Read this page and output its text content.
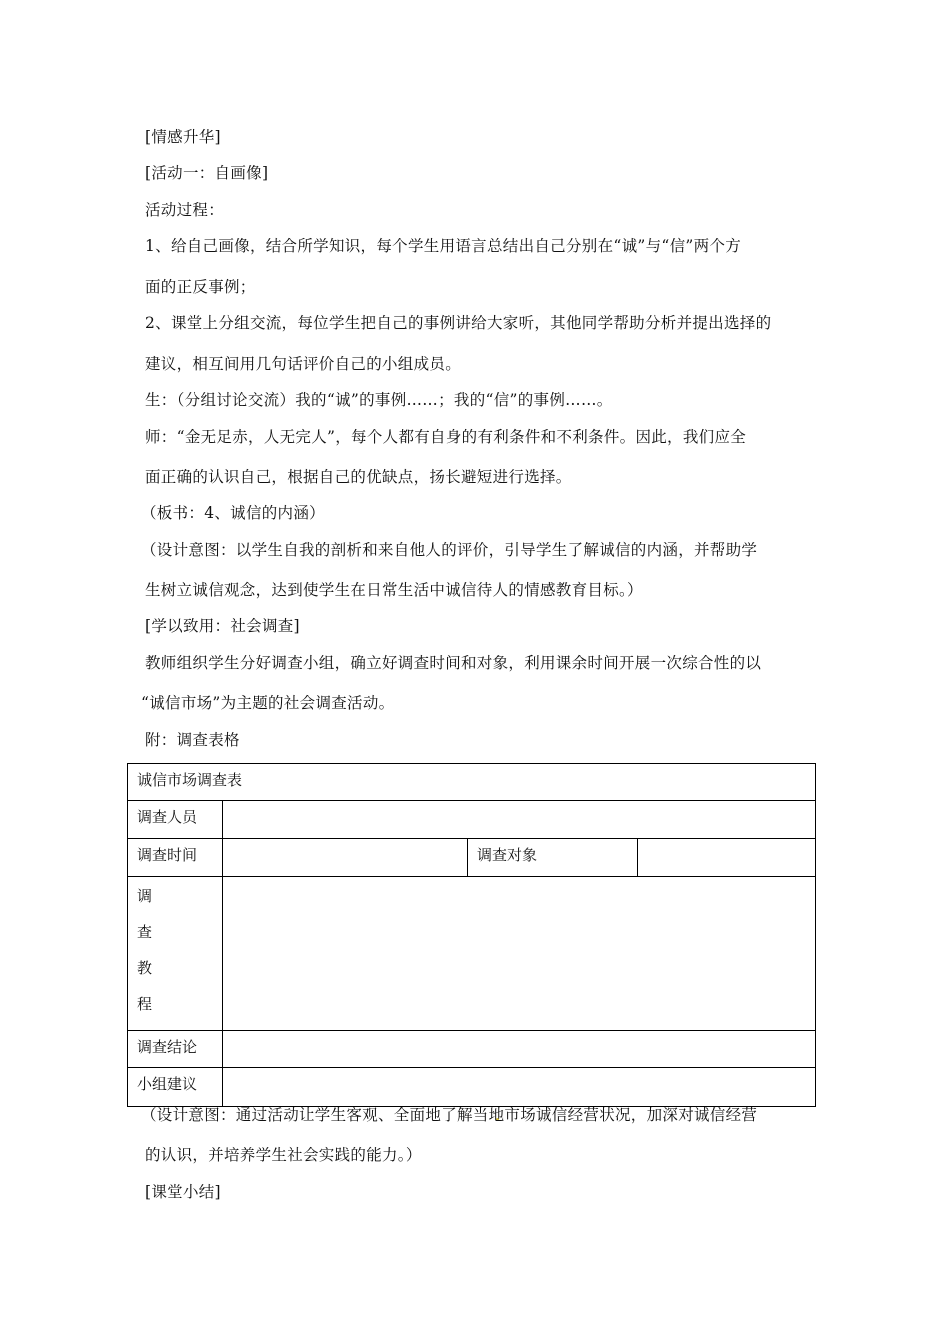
[情感升华]
[活动一：自画像]
活动过程：
1、给自己画像，结合所学知识，每个学生用语言总结出自己分别在“诚”与“信”两个方
面的正反事例；
2、课堂上分组交流，每位学生把自己的事例讲给大家听，其他同学帮助分析并提出选择的
建议，相互间用几句话评价自己的小组成员。
生：（分组讨论交流）我的“诚”的事例……；我的“信”的事例……。
师：“金无足赤，人无完人”，每个人都有自身的有利条件和不利条件。因此，我们应全
面正确的认识自己，根据自己的优缺点，扬长避短进行选择。
（板书：4、诚信的内涵）
（设计意图：以学生自我的剖析和来自他人的评价，引导学生了解诚信的内涵，并帮助学
生树立诚信观念，达到使学生在日常生活中诚信待人的情感教育目标。）
[学以致用：社会调查]
教师组织学生分好调查小组，确立好调查时间和对象，利用课余时间开展一次综合性的以
“诚信市场”为主题的社会调查活动。
附：调查表格
诚信市场调查表			

调查人员			

调查时间		调查对象	

调
查
教
程			

调查结论			

小组建议			

（设计意图：通过活动让学生客观、全面地了解当地市场诚信经营状况，加深对诚信经营
的认识，并培养学生社会实践的能力。）
[课堂小结]
